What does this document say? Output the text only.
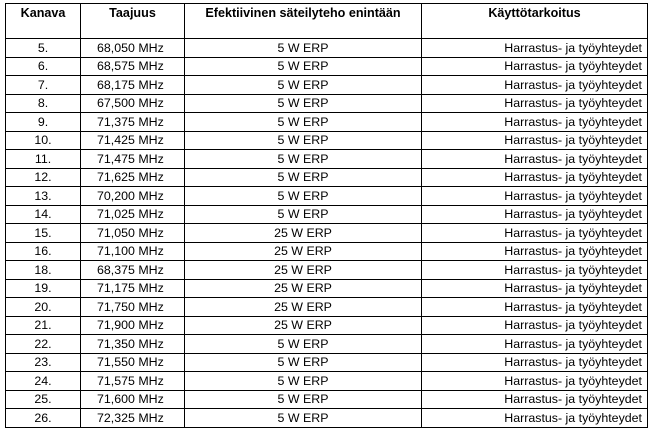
Kanava	Taajuus	Efektiivinen säteilyteho enintään	Käyttötarkoitus
5.	68,050 MHz	5 W ERP	Harrastus- ja työyhteydet
6.	68,575 MHz	5 W ERP	Harrastus- ja työyhteydet
7.	68,175 MHz	5 W ERP	Harrastus- ja työyhteydet
8.	67,500 MHz	5 W ERP	Harrastus- ja työyhteydet
9.	71,375 MHz	5 W ERP	Harrastus- ja työyhteydet
10.	71,425 MHz	5 W ERP	Harrastus- ja työyhteydet
11.	71,475 MHz	5 W ERP	Harrastus- ja työyhteydet
12.	71,625 MHz	5 W ERP	Harrastus- ja työyhteydet
13.	70,200 MHz	5 W ERP	Harrastus- ja työyhteydet
14.	71,025 MHz	5 W ERP	Harrastus- ja työyhteydet
15.	71,050 MHz	25 W ERP	Harrastus- ja työyhteydet
16.	71,100 MHz	25 W ERP	Harrastus- ja työyhteydet
18.	68,375 MHz	25 W ERP	Harrastus- ja työyhteydet
19.	71,175 MHz	25 W ERP	Harrastus- ja työyhteydet
20.	71,750 MHz	25 W ERP	Harrastus- ja työyhteydet
21.	71,900 MHz	25 W ERP	Harrastus- ja työyhteydet
22.	71,350 MHz	5 W ERP	Harrastus- ja työyhteydet
23.	71,550 MHz	5 W ERP	Harrastus- ja työyhteydet
24.	71,575 MHz	5 W ERP	Harrastus- ja työyhteydet
25.	71,600 MHz	5 W ERP	Harrastus- ja työyhteydet
26.	72,325 MHz	5 W ERP	Harrastus- ja työyhteydet
